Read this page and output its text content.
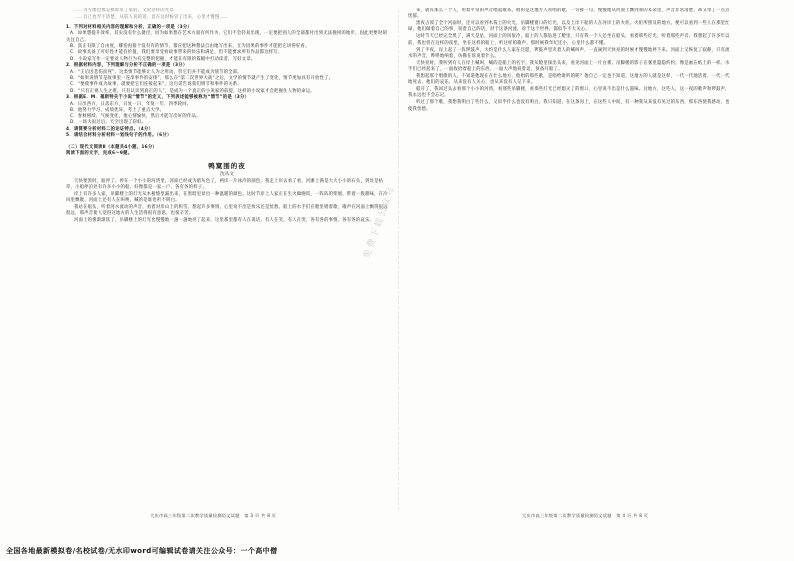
……为雪地也像是被欺负了似的，又说这样的光景

……自己也弄不清楚，从前人说的话，竟在这时候冒了出来，心里才慢慢……

1．下列对材料相关内容的理解和分析，正确的一项是（3分）

A．如果想提升效率，其实没有什么捷径，因为如果想在艺术方面有所作为，它们不会轻易出现，一定要把别人的全部都付出到无法挽回的地步，因此更要时刻关注自己。

B．真正有限了自由度，哪怕再接个没有有的情节，都应把这种想法自由地写出来，互为因果的事件才能把它讲得好看。

C．故事具备了可好性才能有价值，我们要享受看故事带来的快乐和满足，但不能要求所有作品都这样写。

D．小说家写作一定要对人物行为有完整的把握，才能在有限的篇幅中打动读者，写好文章。

2．根据材料内容，下列理解与分析不正确的一项是（3分）

A．“王后因悲伤而死”，这类情节能够让人为之所动，但它们并不能成为情节的全部。

B．“如果说情节是故事里一连串事件的安排”，那么在“第二次世界大战”之后，文学的情节就产生了变化，情节更加具有开放性了。

C．“要使事件成为故事，就要把它们连接起来”，这句话告诉我们情节和事件的关系。

D．“只有正视人生之难，只有认识到真正的人”，是成为一个真正的小说家的前提，这样的小说家才会把握住人物的命运。

3．根据E．M．福斯特关于小说“情节”的定义，下列表述能够被称为“情节”的是（3分）

A．日出西方，日落东方，日复一日，年复一年，四季轮回。

B．他努力学习，成绩优异，考上了重点大学。

C．春秋相续，气候变化，他心情愉快，然后才能写出好的作品。

D．一场大雨过后，天空出现了彩虹。

4．请简要分析材料二的论证特点。（4分）

5．请结合材料分析材料一划线句子的作用。（6分）

（二）现代文阅读Ⅱ（本题共4小题，16分）

阅读下面的文字，完成6～9题。

鸭窠围的夜

沈从文

天快要黑时，船停了。停在一个小小的河湾里，河面已经成为暗灰色了，两岸一片冰冷的颜色。我走上岸去看了看，河滩上满是大大小小的石头，到处是枯草，小船停泊处有许多小小的船，好像都是一家一户，各有各的样子。

岸上有许多人家，吊脚楼上的灯光从木板缝里漏出来，在黑暗里显出一种温暖的颜色。这时节岸上人家正在生火做晚饭，一阵阵的柴烟，带着一股甜味，在冷风里飘散。河面上还有人在叫唤，喊的是谁也听不明白。

我站在船头，听着河水流动的声音，看着对岸山上的积雪，想起许多事情，心里说不出是快乐还是忧愁。船上的水手们在舱里唱着歌，歌声在河面上飘得很远很远，那声音使人觉得这地方的人生活得很有意思，也很辛苦。

河面上的雾渐渐浓了，吊脚楼上的灯光也慢慢地一盏一盏地亮了起来，这里那里都有人在说话，有人在笑，有人在哭，各有各的事情，各有各的哀乐。

免费下载公众号

来，就有那么一个人，用着平常的声音唱起歌来。唱的是这地方人常唱的歌，一句接一句，慢慢地从河面上飘到我的耳朵里，声音非常清楚，却又带了一点点忧郁。

黑夜占领了全个河面时，还可以看到木筏上的火光，吊脚楼窗口的灯光，以及上岸下船的人在河岸上的火炬。火炬所照及的地方，便可以看到一些人在那里忙碌，他们做着自己的事，说着自己的话，对于这条河流，对于这个世界，都似乎不大关心。

这时节天已经完全黑了，满天是星，河面上的风很冷，船上的人都钻进了舱里，只有我一个人还坐在船头，看着那些灯光，听着那些声音。我想起了许多年以前，我也曾在这样的夜里，坐在这样的船上，听这样的歌声，那时候我年纪还小，心里什么都不懂。

到了半夜，岸上起了一阵锣鼓声，大约是什么人家在还愿，锣鼓声里夹着人的喊叫声，一直闹到天快亮的时候才慢慢地停下来。河面上又恢复了寂静，只有流水的声音，哗哗地响着，仿佛在诉说着什么。

天快亮时，我听到有人在岸上喊叫，喊的是船上的名字。我从舱里探出头来，看见河面上一片白雾，吊脚楼的影子在雾里隐隐约约，像是画在纸上的一样。水手们已经起来了，一面收拾着船上的东西，一面大声地说着话，预备开船了。

我想起那个唱歌的人，不知道他现在在什么地方，他唱的那些歌，是唱给谁听的呢？他自己一定也不知道。这地方的人就是这样，一代一代地活着，一代一代地死去，他们的哀乐，从来没有人关心，也从来没有人记下来。

船开了，我回过头去看那个小小的河湾，看那些吊脚楼，看那些灯光已经熄灭了的窗口，心里说不出是什么滋味。这地方，这些人，这一夜的歌声和锣鼓声，我永远也不会忘记。

听过了那个歌，我想我明白了些什么，又似乎什么也没有明白。我只知道，在这条河上，在这些人中间，有一种我从来没有见过的东西，那东西使我感动，也使我忧愁。

大庆市高三年级第二次教学质量检测语文试题　第 3 页 共 8 页	大庆市高三年级第二次教学质量检测语文试题　第 4 页 共 8 页
全国各地最新模拟卷/名校试卷/无水印word可编辑试卷请关注公众号：一个高中僧
